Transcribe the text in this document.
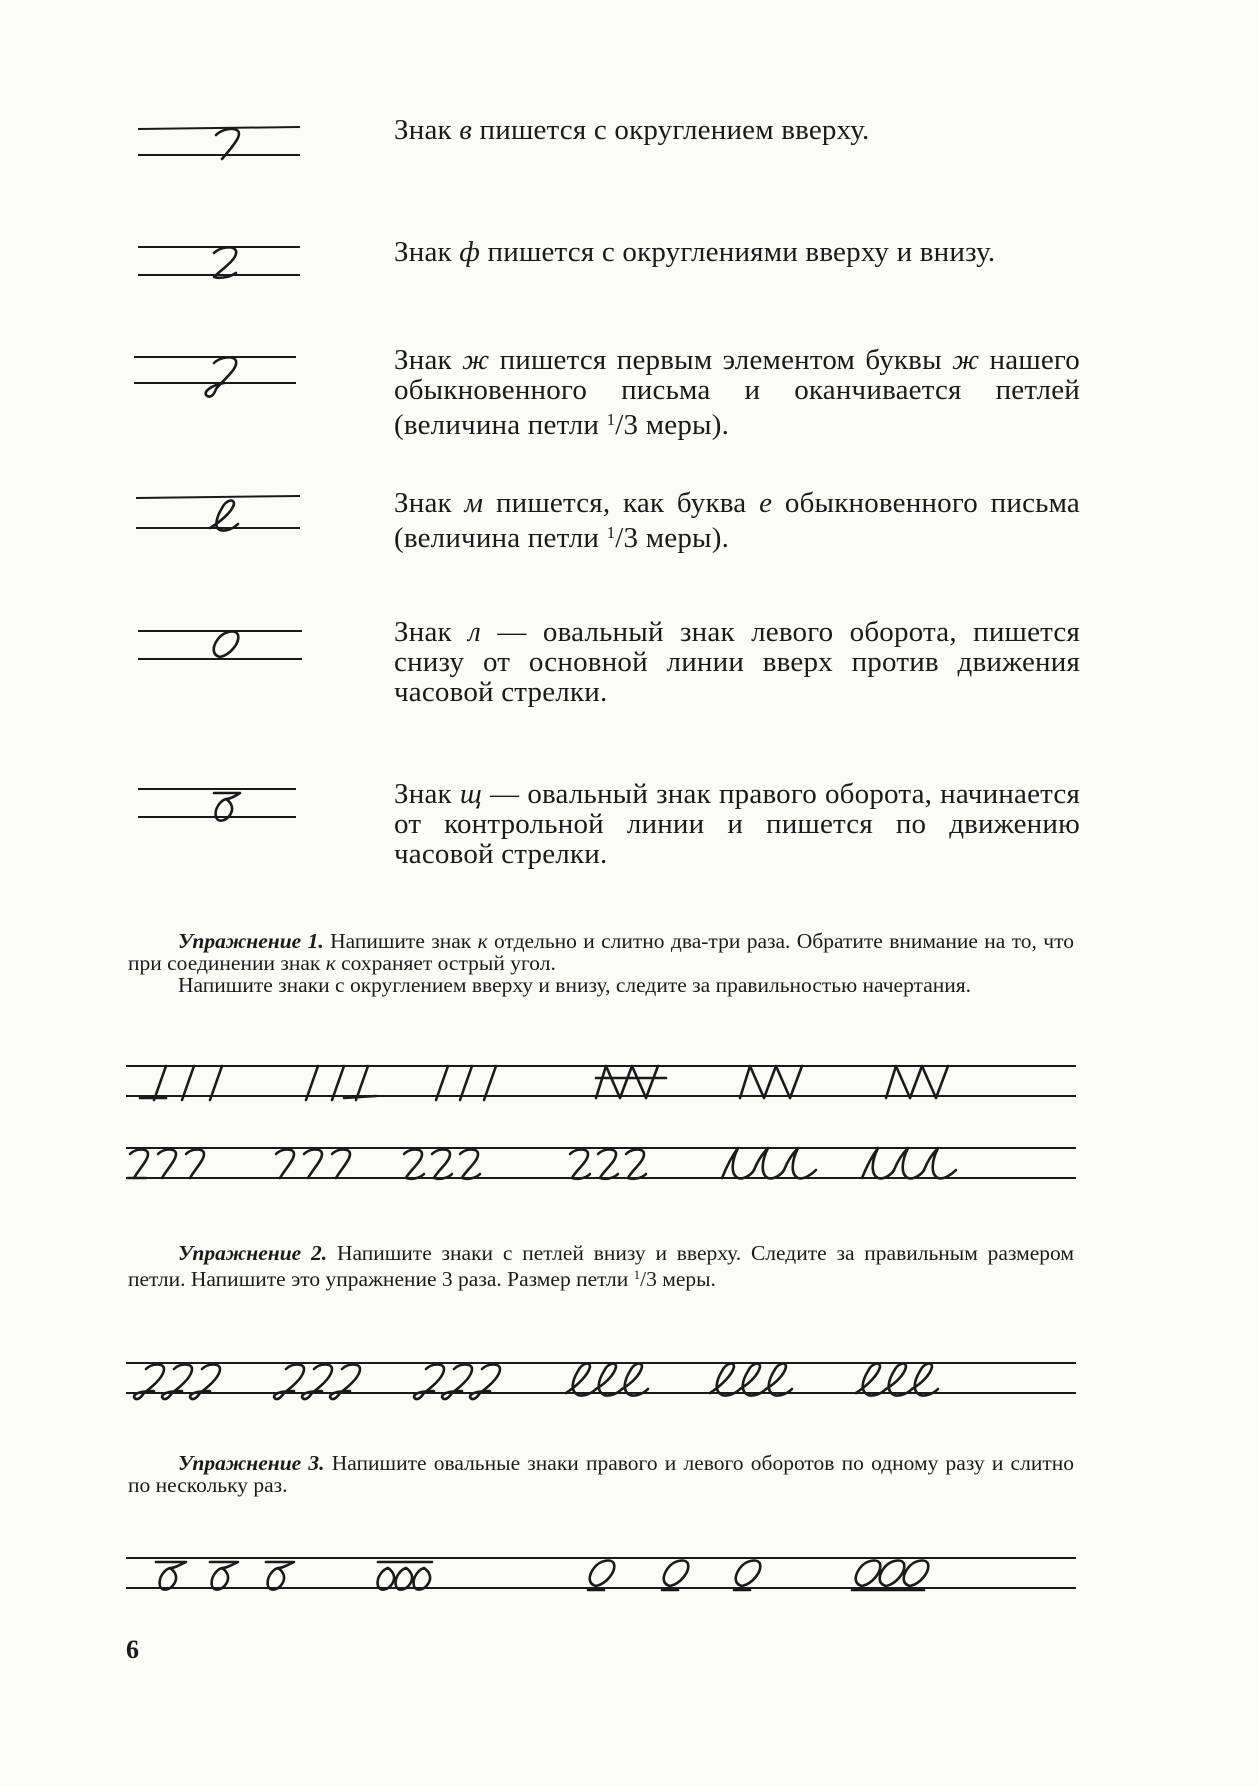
Знак в пишется с округлением вверху.
Знак ф пишется с округлениями вверху и внизу.
Знак ж пишется первым элементом буквы ж нашего обыкновенного письма и оканчивается петлей (величина петли $^1$/3 меры).
Знак м пишется, как буква е обыкновенного письма (величина петли $^1$/3 меры).
Знак л — овальный знак левого оборота, пишется снизу от основной линии вверх против движения часовой стрелки.
Знак щ — овальный знак правого оборота, начинается от контрольной линии и пишется по движению часовой стрелки.

Упражнение 1. Напишите знак к отдельно и слитно два-три раза. Обратите внимание на то, что при соединении знак к сохраняет острый угол.

Напишите знаки с округлением вверху и внизу, следите за правильностью начертания.

Упражнение 2. Напишите знаки с петлей внизу и вверху. Следите за правильным размером петли. Напишите это упражнение 3 раза. Размер петли $^1$/3 меры.

Упражнение 3. Напишите овальные знаки правого и левого оборотов по одному разу и слитно по нескольку раз.

6
